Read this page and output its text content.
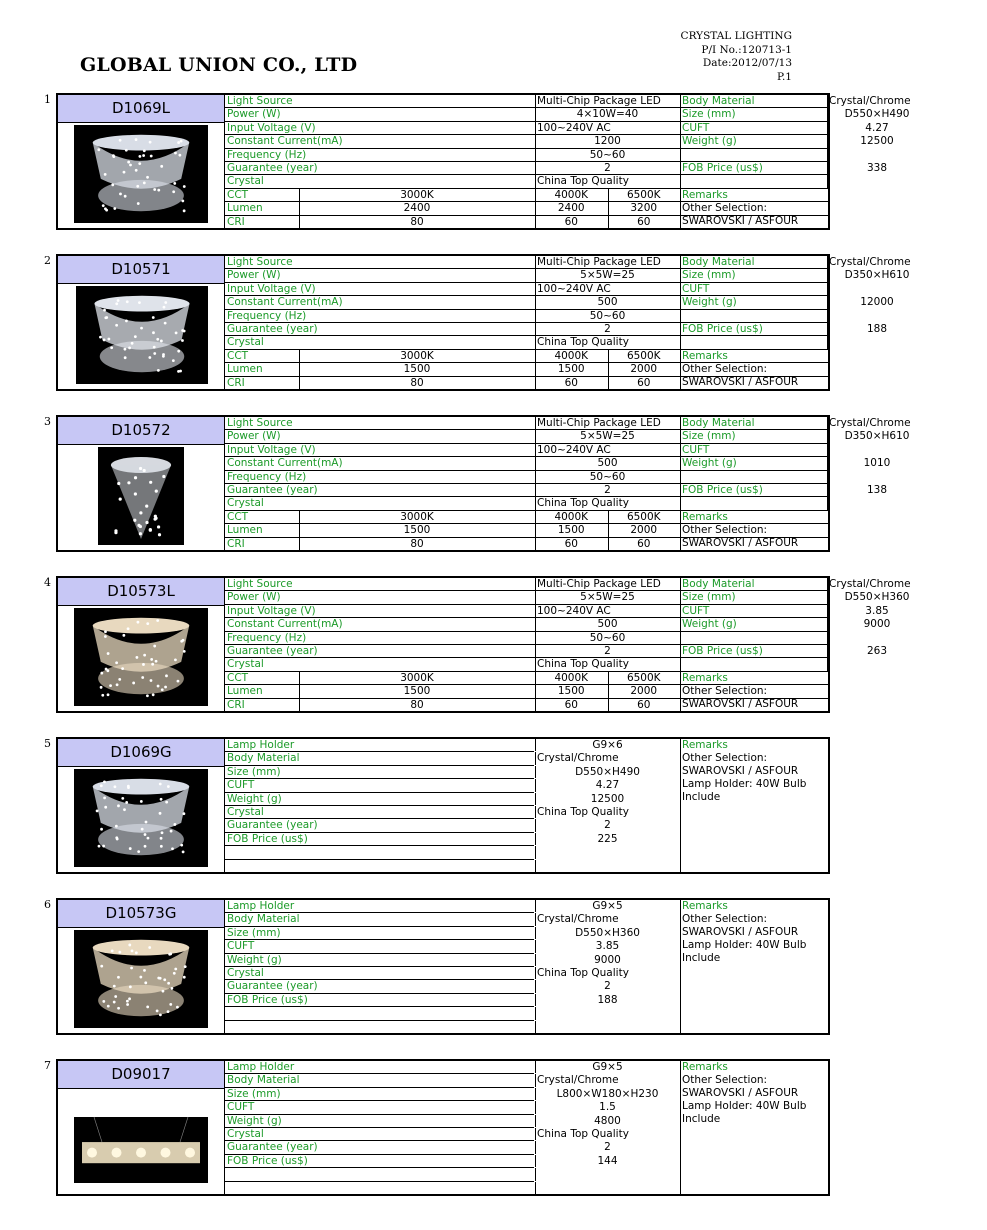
GLOBAL UNION CO., LTD
CRYSTAL LIGHTING
P/I No.:120713-1
Date:2012/07/13
P.1
1	D1069L	Light Source	Multi-Chip Package LED	Body Material	Crystal/Chrome
Power (W)	4×10W=40	Size (mm)	D550×H490
Input Voltage (V)	100~240V AC	CUFT	4.27
Constant Current(mA)	1200	Weight (g)	12500
Frequency (Hz)	50~60
Guarantee (year)	2	FOB Price (us$)	338
Crystal	China Top Quality
CCT	3000K	4000K	6500K
Lumen	2400	2400	3200
CRI	80	60	60
Remarks
Other Selection: SWAROVSKI / ASFOUR
2	D10571	Light Source	Multi-Chip Package LED	Body Material	Crystal/Chrome
Power (W)	5×5W=25	Size (mm)	D350×H610
Input Voltage (V)	100~240V AC	CUFT
Constant Current(mA)	500	Weight (g)	12000
Frequency (Hz)	50~60
Guarantee (year)	2	FOB Price (us$)	188
Crystal	China Top Quality
CCT	3000K	4000K	6500K
Lumen	1500	1500	2000
CRI	80	60	60
Remarks
Other Selection: SWAROVSKI / ASFOUR
3	D10572	Light Source	Multi-Chip Package LED	Body Material	Crystal/Chrome
Power (W)	5×5W=25	Size (mm)	D350×H610
Input Voltage (V)	100~240V AC	CUFT
Constant Current(mA)	500	Weight (g)	1010
Frequency (Hz)	50~60
Guarantee (year)	2	FOB Price (us$)	138
Crystal	China Top Quality
CCT	3000K	4000K	6500K
Lumen	1500	1500	2000
CRI	80	60	60
Remarks
Other Selection: SWAROVSKI / ASFOUR
4	D10573L	Light Source	Multi-Chip Package LED	Body Material	Crystal/Chrome
Power (W)	5×5W=25	Size (mm)	D550×H360
Input Voltage (V)	100~240V AC	CUFT	3.85
Constant Current(mA)	500	Weight (g)	9000
Frequency (Hz)	50~60
Guarantee (year)	2	FOB Price (us$)	263
Crystal	China Top Quality
CCT	3000K	4000K	6500K
Lumen	1500	1500	2000
CRI	80	60	60
Remarks
Other Selection: SWAROVSKI / ASFOUR
5	D1069G	Lamp Holder	G9×6
Body Material	Crystal/Chrome
Size (mm)	D550×H490
CUFT	4.27
Weight (g)	12500
Crystal	China Top Quality
Guarantee (year)	2
FOB Price (us$)	225
Remarks
Other Selection: SWAROVSKI / ASFOUR
Lamp Holder: 40W Bulb Include
6	D10573G	Lamp Holder	G9×5
Body Material	Crystal/Chrome
Size (mm)	D550×H360
CUFT	3.85
Weight (g)	9000
Crystal	China Top Quality
Guarantee (year)	2
FOB Price (us$)	188
Remarks
Other Selection: SWAROVSKI / ASFOUR
Lamp Holder: 40W Bulb Include
7	D09017	Lamp Holder	G9×5
Body Material	Crystal/Chrome
Size (mm)	L800×W180×H230
CUFT	1.5
Weight (g)	4800
Crystal	China Top Quality
Guarantee (year)	2
FOB Price (us$)	144
Remarks
Other Selection: SWAROVSKI / ASFOUR
Lamp Holder: 40W Bulb Include
